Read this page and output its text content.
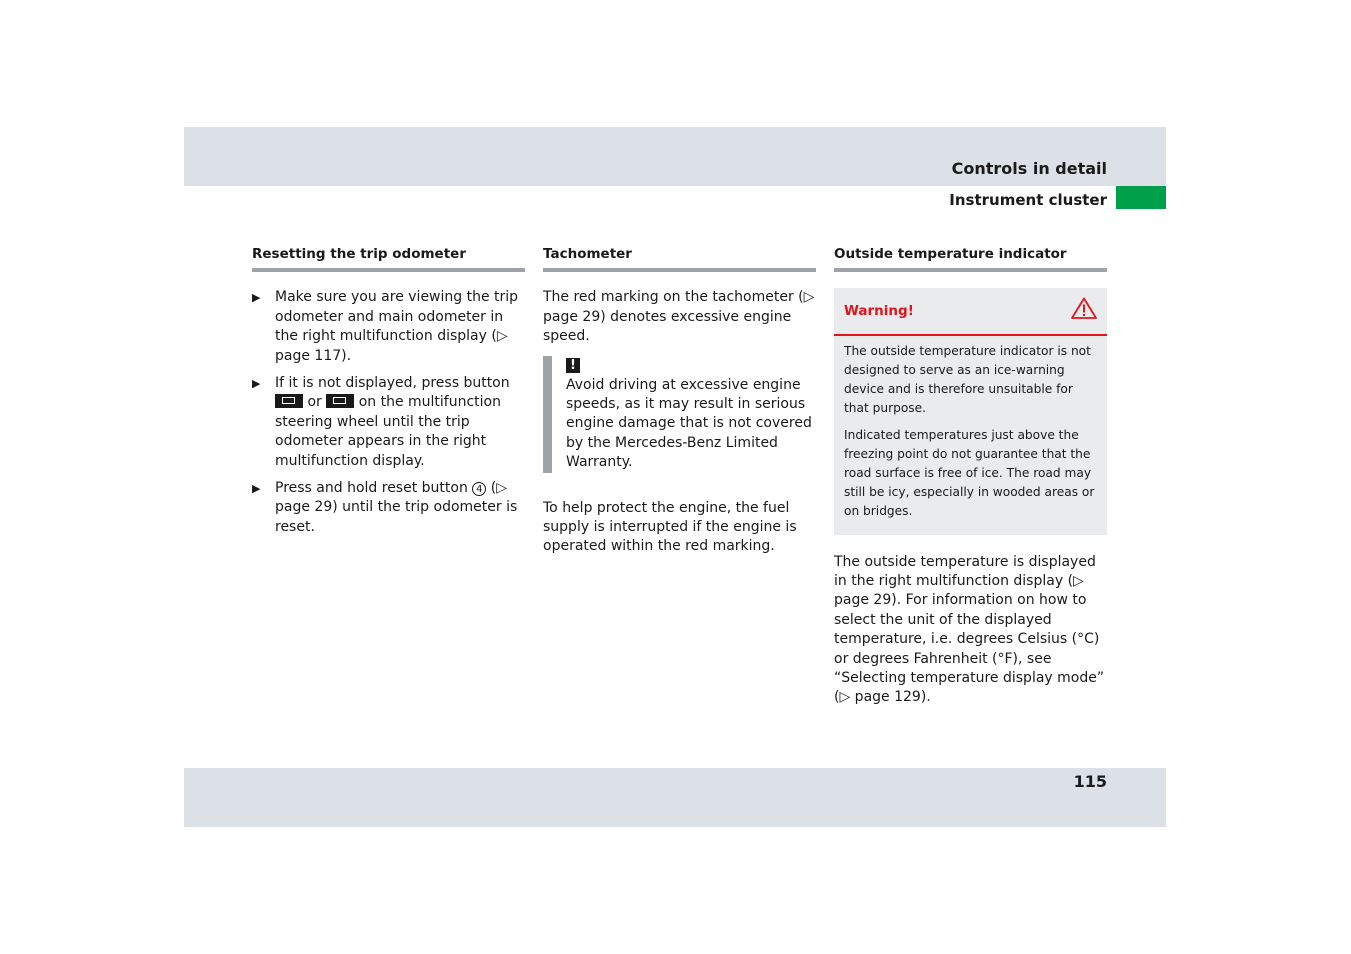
Controls in detail
Instrument cluster
Resetting the trip odometer
▶ Make sure you are viewing the trip odometer and main odometer in the right multifunction display (▷ page 117).
▶ If it is not displayed, press button  or	on the multifunction steering wheel until the trip odometer appears in the right multifunction display.
▶ Press and hold reset button 4 (▷ page 29) until the trip odometer is reset.
Tachometer

The red marking on the tachometer (▷ page 29) denotes excessive engine speed.

!

Avoid driving at excessive engine speeds, as it may result in serious engine damage that is not covered by the Mercedes-Benz Limited Warranty.

To help protect the engine, the fuel supply is interrupted if the engine is operated within the red marking.

Outside temperature indicator
Warning!

The outside temperature indicator is not designed to serve as an ice-warning device and is therefore unsuitable for that purpose.

Indicated temperatures just above the freezing point do not guarantee that the road surface is free of ice. The road may still be icy, especially in wooded areas or on bridges.

The outside temperature is displayed in the right multifunction display (▷ page 29). For information on how to select the unit of the displayed temperature, i.e. degrees Celsius (°C) or degrees Fahrenheit (°F), see “Selecting temperature display mode” (▷ page 129).

115
